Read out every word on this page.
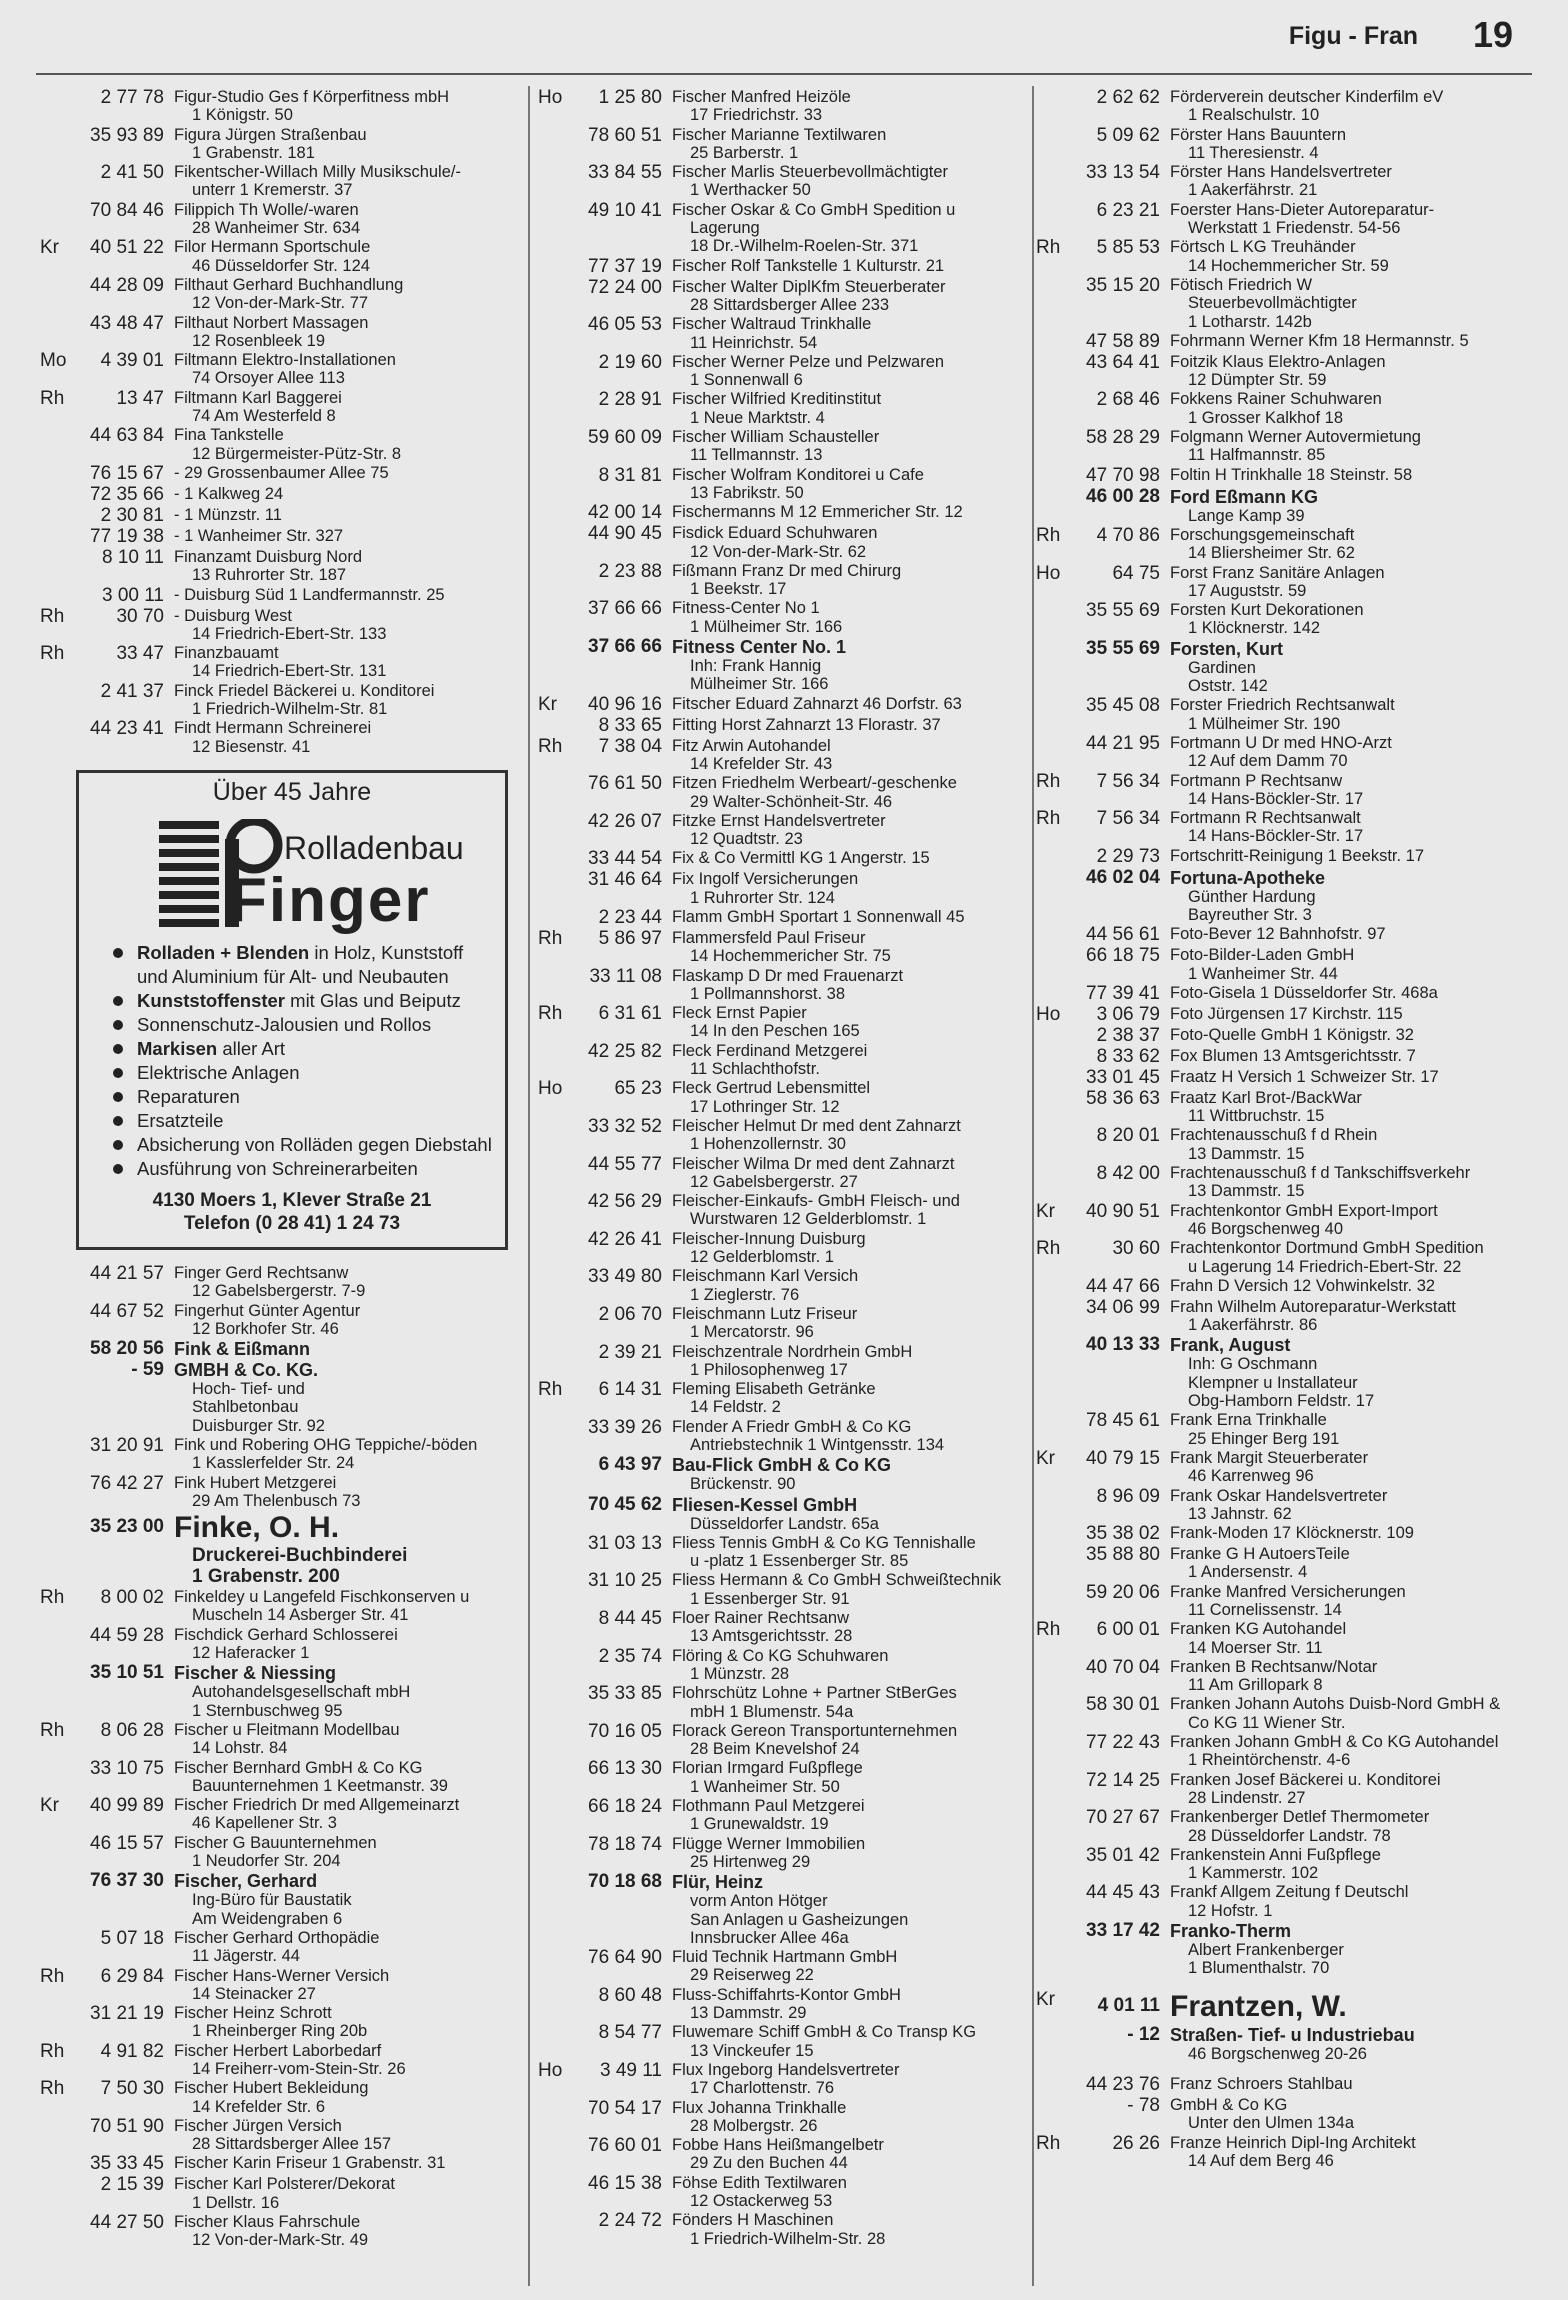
Figu - Fran 19
2 77 78 Figur-Studio Ges f Körperfitness mbH
1 Königstr. 50
35 93 89 Figura Jürgen Straßenbau
1 Grabenstr. 181
2 41 50 Fikentscher-Willach Milly Musikschule/-
unterr 1 Kremerstr. 37
70 84 46 Filippich Th Wolle/-waren
28 Wanheimer Str. 634
Kr	40 51 22 Filor Hermann Sportschule
46 Düsseldorfer Str. 124
44 28 09 Filthaut Gerhard Buchhandlung
12 Von-der-Mark-Str. 77
43 48 47 Filthaut Norbert Massagen
12 Rosenbleek 19
Mo	4 39 01 Filtmann Elektro-Installationen
74 Orsoyer Allee 113
Rh	13 47 Filtmann Karl Baggerei
74 Am Westerfeld 8
44 63 84 Fina Tankstelle
12 Bürgermeister-Pütz-Str. 8
76 15 67 - 29 Grossenbaumer Allee 75
72 35 66 - 1 Kalkweg 24
2 30 81 - 1 Münzstr. 11
77 19 38 - 1 Wanheimer Str. 327
8 10 11 Finanzamt Duisburg Nord
13 Ruhrorter Str. 187
3 00 11 - Duisburg Süd 1 Landfermannstr. 25
Rh	30 70 - Duisburg West
14 Friedrich-Ebert-Str. 133
Rh	33 47 Finanzbauamt
14 Friedrich-Ebert-Str. 131
2 41 37 Finck Friedel Bäckerei u. Konditorei
1 Friedrich-Wilhelm-Str. 81
44 23 41 Findt Hermann Schreinerei
12 Biesenstr. 41
Über 45 Jahre
Rolladenbau
Finger
Rolladen + Blenden in Holz, Kunststoff und Aluminium für Alt- und Neubauten
Kunststoffenster mit Glas und Beiputz
Sonnenschutz-Jalousien und Rollos
Markisen aller Art
Elektrische Anlagen
Reparaturen
Ersatzteile
Absicherung von Rolläden gegen Diebstahl
Ausführung von Schreinerarbeiten
4130 Moers 1, Klever Straße 21
Telefon (0 28 41) 1 24 73
44 21 57 Finger Gerd Rechtsanw
12 Gabelsbergerstr. 7-9
44 67 52 Fingerhut Günter Agentur
12 Borkhofer Str. 46
58 20 56 Fink & Eißmann
- 59 GMBH & Co. KG.
Hoch- Tief- und
Stahlbetonbau
Duisburger Str. 92
31 20 91 Fink und Robering OHG Teppiche/-böden
1 Kasslerfelder Str. 24
76 42 27 Fink Hubert Metzgerei
29 Am Thelenbusch 73
35 23 00 Finke, O. H.
Druckerei-Buchbinderei
1 Grabenstr. 200
Rh	8 00 02 Finkeldey u Langefeld Fischkonserven u
Muscheln 14 Asberger Str. 41
44 59 28 Fischdick Gerhard Schlosserei
12 Haferacker 1
35 10 51 Fischer & Niessing
Autohandelsgesellschaft mbH
1 Sternbuschweg 95
Rh	8 06 28 Fischer u Fleitmann Modellbau
14 Lohstr. 84
33 10 75 Fischer Bernhard GmbH & Co KG
Bauunternehmen 1 Keetmanstr. 39
Kr	40 99 89 Fischer Friedrich Dr med Allgemeinarzt
46 Kapellener Str. 3
46 15 57 Fischer G Bauunternehmen
1 Neudorfer Str. 204
76 37 30 Fischer, Gerhard
Ing-Büro für Baustatik
Am Weidengraben 6
5 07 18 Fischer Gerhard Orthopädie
11 Jägerstr. 44
Rh	6 29 84 Fischer Hans-Werner Versich
14 Steinacker 27
31 21 19 Fischer Heinz Schrott
1 Rheinberger Ring 20b
Rh	4 91 82 Fischer Herbert Laborbedarf
14 Freiherr-vom-Stein-Str. 26
Rh	7 50 30 Fischer Hubert Bekleidung
14 Krefelder Str. 6
70 51 90 Fischer Jürgen Versich
28 Sittardsberger Allee 157
35 33 45 Fischer Karin Friseur 1 Grabenstr. 31
2 15 39 Fischer Karl Polsterer/Dekorat
1 Dellstr. 16
44 27 50 Fischer Klaus Fahrschule
12 Von-der-Mark-Str. 49
Ho	1 25 80 Fischer Manfred Heizöle
17 Friedrichstr. 33
78 60 51 Fischer Marianne Textilwaren
25 Barberstr. 1
33 84 55 Fischer Marlis Steuerbevollmächtigter
1 Werthacker 50
49 10 41 Fischer Oskar & Co GmbH Spedition u
Lagerung
18 Dr.-Wilhelm-Roelen-Str. 371
77 37 19 Fischer Rolf Tankstelle 1 Kulturstr. 21
72 24 00 Fischer Walter DiplKfm Steuerberater
28 Sittardsberger Allee 233
46 05 53 Fischer Waltraud Trinkhalle
11 Heinrichstr. 54
2 19 60 Fischer Werner Pelze und Pelzwaren
1 Sonnenwall 6
2 28 91 Fischer Wilfried Kreditinstitut
1 Neue Marktstr. 4
59 60 09 Fischer William Schausteller
11 Tellmannstr. 13
8 31 81 Fischer Wolfram Konditorei u Cafe
13 Fabrikstr. 50
42 00 14 Fischermanns M 12 Emmericher Str. 12
44 90 45 Fisdick Eduard Schuhwaren
12 Von-der-Mark-Str. 62
2 23 88 Fißmann Franz Dr med Chirurg
1 Beekstr. 17
37 66 66 Fitness-Center No 1
1 Mülheimer Str. 166
37 66 66 Fitness Center No. 1
Inh: Frank Hannig
Mülheimer Str. 166
Kr	40 96 16 Fitscher Eduard Zahnarzt 46 Dorfstr. 63
8 33 65 Fitting Horst Zahnarzt 13 Florastr. 37
Rh	7 38 04 Fitz Arwin Autohandel
14 Krefelder Str. 43
76 61 50 Fitzen Friedhelm Werbeart/-geschenke
29 Walter-Schönheit-Str. 46
42 26 07 Fitzke Ernst Handelsvertreter
12 Quadtstr. 23
33 44 54 Fix & Co Vermittl KG 1 Angerstr. 15
31 46 64 Fix Ingolf Versicherungen
1 Ruhrorter Str. 124
2 23 44 Flamm GmbH Sportart 1 Sonnenwall 45
Rh	5 86 97 Flammersfeld Paul Friseur
14 Hochemmericher Str. 75
33 11 08 Flaskamp D Dr med Frauenarzt
1 Pollmannshorst. 38
Rh	6 31 61 Fleck Ernst Papier
14 In den Peschen 165
42 25 82 Fleck Ferdinand Metzgerei
11 Schlachthofstr.
Ho	65 23 Fleck Gertrud Lebensmittel
17 Lothringer Str. 12
33 32 52 Fleischer Helmut Dr med dent Zahnarzt
1 Hohenzollernstr. 30
44 55 77 Fleischer Wilma Dr med dent Zahnarzt
12 Gabelsbergerstr. 27
42 56 29 Fleischer-Einkaufs- GmbH Fleisch- und
Wurstwaren 12 Gelderblomstr. 1
42 26 41 Fleischer-Innung Duisburg
12 Gelderblomstr. 1
33 49 80 Fleischmann Karl Versich
1 Zieglerstr. 76
2 06 70 Fleischmann Lutz Friseur
1 Mercatorstr. 96
2 39 21 Fleischzentrale Nordrhein GmbH
1 Philosophenweg 17
Rh	6 14 31 Fleming Elisabeth Getränke
14 Feldstr. 2
33 39 26 Flender A Friedr GmbH & Co KG
Antriebstechnik 1 Wintgensstr. 134
6 43 97 Bau-Flick GmbH & Co KG
Brückenstr. 90
70 45 62 Fliesen-Kessel GmbH
Düsseldorfer Landstr. 65a
31 03 13 Fliess Tennis GmbH & Co KG Tennishalle
u -platz 1 Essenberger Str. 85
31 10 25 Fliess Hermann & Co GmbH Schweißtechnik
1 Essenberger Str. 91
8 44 45 Floer Rainer Rechtsanw
13 Amtsgerichtsstr. 28
2 35 74 Flöring & Co KG Schuhwaren
1 Münzstr. 28
35 33 85 Flohrschütz Lohne + Partner StBerGes
mbH 1 Blumenstr. 54a
70 16 05 Florack Gereon Transportunternehmen
28 Beim Knevelshof 24
66 13 30 Florian Irmgard Fußpflege
1 Wanheimer Str. 50
66 18 24 Flothmann Paul Metzgerei
1 Grunewaldstr. 19
78 18 74 Flügge Werner Immobilien
25 Hirtenweg 29
70 18 68 Flür, Heinz
vorm Anton Hötger
San Anlagen u Gasheizungen
Innsbrucker Allee 46a
76 64 90 Fluid Technik Hartmann GmbH
29 Reiserweg 22
8 60 48 Fluss-Schiffahrts-Kontor GmbH
13 Dammstr. 29
8 54 77 Fluwemare Schiff GmbH & Co Transp KG
13 Vinckeufer 15
Ho	3 49 11 Flux Ingeborg Handelsvertreter
17 Charlottenstr. 76
70 54 17 Flux Johanna Trinkhalle
28 Molbergstr. 26
76 60 01 Fobbe Hans Heißmangelbetr
29 Zu den Buchen 44
46 15 38 Föhse Edith Textilwaren
12 Ostackerweg 53
2 24 72 Fönders H Maschinen
1 Friedrich-Wilhelm-Str. 28
2 62 62 Förderverein deutscher Kinderfilm eV
1 Realschulstr. 10
5 09 62 Förster Hans Bauuntern
11 Theresienstr. 4
33 13 54 Förster Hans Handelsvertreter
1 Aakerfährstr. 21
6 23 21 Foerster Hans-Dieter Autoreparatur-
Werkstatt 1 Friedenstr. 54-56
Rh	5 85 53 Förtsch L KG Treuhänder
14 Hochemmericher Str. 59
35 15 20 Fötisch Friedrich W
Steuerbevollmächtigter
1 Lotharstr. 142b
47 58 89 Fohrmann Werner Kfm 18 Hermannstr. 5
43 64 41 Foitzik Klaus Elektro-Anlagen
12 Dümpter Str. 59
2 68 46 Fokkens Rainer Schuhwaren
1 Grosser Kalkhof 18
58 28 29 Folgmann Werner Autovermietung
11 Halfmannstr. 85
47 70 98 Foltin H Trinkhalle 18 Steinstr. 58
46 00 28 Ford Eßmann KG
Lange Kamp 39
Rh	4 70 86 Forschungsgemeinschaft
14 Bliersheimer Str. 62
Ho	64 75 Forst Franz Sanitäre Anlagen
17 Auguststr. 59
35 55 69 Forsten Kurt Dekorationen
1 Klöcknerstr. 142
35 55 69 Forsten, Kurt
Gardinen
Oststr. 142
35 45 08 Forster Friedrich Rechtsanwalt
1 Mülheimer Str. 190
44 21 95 Fortmann U Dr med HNO-Arzt
12 Auf dem Damm 70
Rh	7 56 34 Fortmann P Rechtsanw
14 Hans-Böckler-Str. 17
Rh	7 56 34 Fortmann R Rechtsanwalt
14 Hans-Böckler-Str. 17
2 29 73 Fortschritt-Reinigung 1 Beekstr. 17
46 02 04 Fortuna-Apotheke
Günther Hardung
Bayreuther Str. 3
44 56 61 Foto-Bever 12 Bahnhofstr. 97
66 18 75 Foto-Bilder-Laden GmbH
1 Wanheimer Str. 44
77 39 41 Foto-Gisela 1 Düsseldorfer Str. 468a
Ho	3 06 79 Foto Jürgensen 17 Kirchstr. 115
2 38 37 Foto-Quelle GmbH 1 Königstr. 32
8 33 62 Fox Blumen 13 Amtsgerichtsstr. 7
33 01 45 Fraatz H Versich 1 Schweizer Str. 17
58 36 63 Fraatz Karl Brot-/BackWar
11 Wittbruchstr. 15
8 20 01 Frachtenausschuß f d Rhein
13 Dammstr. 15
8 42 00 Frachtenausschuß f d Tankschiffsverkehr
13 Dammstr. 15
Kr	40 90 51 Frachtenkontor GmbH Export-Import
46 Borgschenweg 40
Rh	30 60 Frachtenkontor Dortmund GmbH Spedition
u Lagerung 14 Friedrich-Ebert-Str. 22
44 47 66 Frahn D Versich 12 Vohwinkelstr. 32
34 06 99 Frahn Wilhelm Autoreparatur-Werkstatt
1 Aakerfährstr. 86
40 13 33 Frank, August
Inh: G Oschmann
Klempner u Installateur
Obg-Hamborn Feldstr. 17
78 45 61 Frank Erna Trinkhalle
25 Ehinger Berg 191
Kr	40 79 15 Frank Margit Steuerberater
46 Karrenweg 96
8 96 09 Frank Oskar Handelsvertreter
13 Jahnstr. 62
35 38 02 Frank-Moden 17 Klöcknerstr. 109
35 88 80 Franke G H AutoersTeile
1 Andersenstr. 4
59 20 06 Franke Manfred Versicherungen
11 Cornelissenstr. 14
Rh	6 00 01 Franken KG Autohandel
14 Moerser Str. 11
40 70 04 Franken B Rechtsanw/Notar
11 Am Grillopark 8
58 30 01 Franken Johann Autohs Duisb-Nord GmbH &
Co KG 11 Wiener Str.
77 22 43 Franken Johann GmbH & Co KG Autohandel
1 Rheintörchenstr. 4-6
72 14 25 Franken Josef Bäckerei u. Konditorei
28 Lindenstr. 27
70 27 67 Frankenberger Detlef Thermometer
28 Düsseldorfer Landstr. 78
35 01 42 Frankenstein Anni Fußpflege
1 Kammerstr. 102
44 45 43 Frankf Allgem Zeitung f Deutschl
12 Hofstr. 1
33 17 42 Franko-Therm
Albert Frankenberger
1 Blumenthalstr. 70
Kr	4 01 11 Frantzen, W.
- 12 Straßen- Tief- u Industriebau
46 Borgschenweg 20-26
44 23 76 Franz Schroers Stahlbau
- 78 GmbH & Co KG
Unter den Ulmen 134a
Rh	26 26 Franze Heinrich Dipl-Ing Architekt
14 Auf dem Berg 46
